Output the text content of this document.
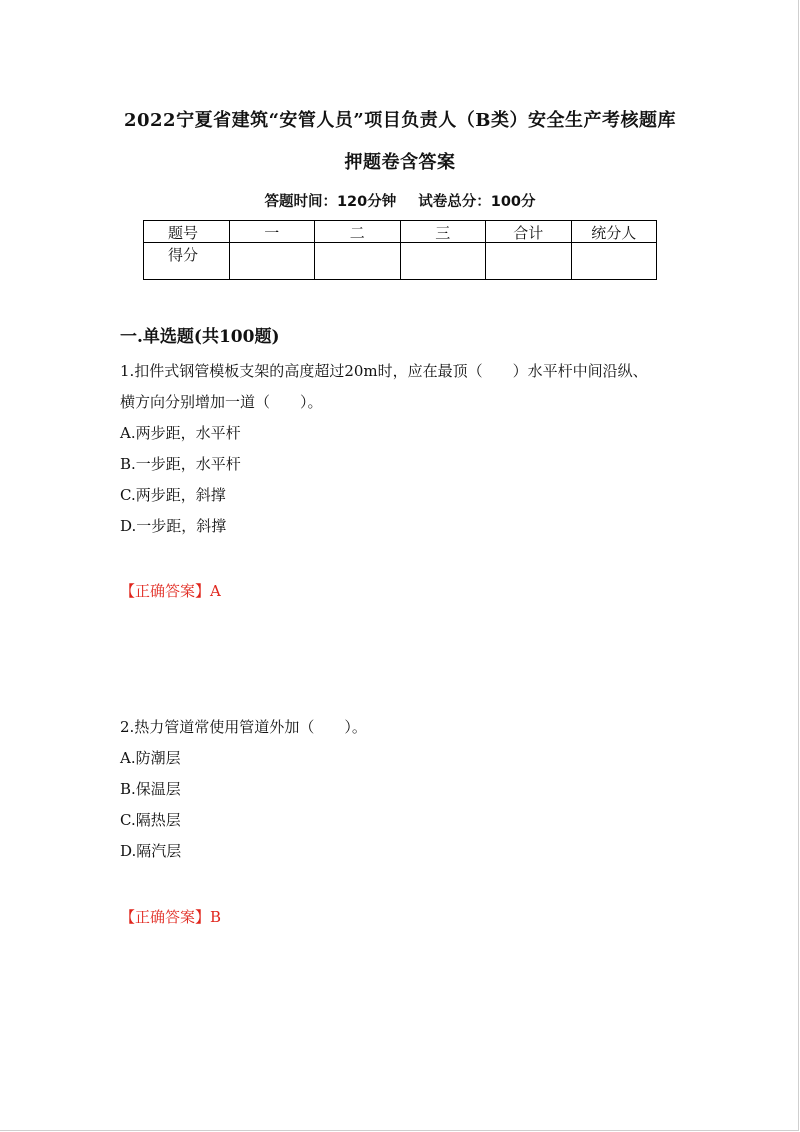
2022宁夏省建筑“安管人员”项目负责人（B类）安全生产考核题库
押题卷含答案
答题时间：120分钟 试卷总分：100分
题号	一	二	三	合计	统分人
得分					
一.单选题(共100题)
1.扣件式钢管模板支架的高度超过20m时，应在最顶（　　）水平杆中间沿纵、
横方向分别增加一道（　　）。
A.两步距，水平杆
B.一步距，水平杆
C.两步距，斜撑
D.一步距，斜撑
【正确答案】A
2.热力管道常使用管道外加（　　）。
A.防潮层
B.保温层
C.隔热层
D.隔汽层
【正确答案】B
